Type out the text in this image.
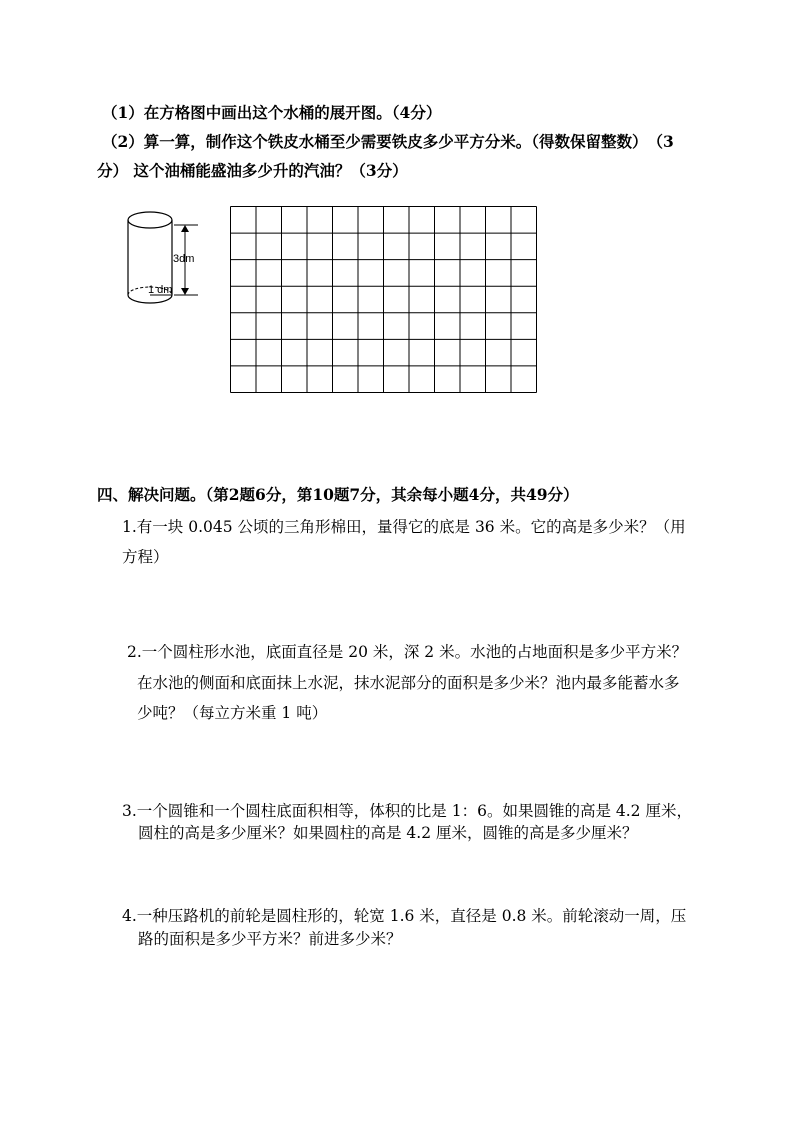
（1）在方格图中画出这个水桶的展开图。（4分）

（2）算一算，制作这个铁皮水桶至少需要铁皮多少平方分米。（得数保留整数）　（3

分） 这个油桶能盛油多少升的汽油？（3分）

3dm
1 dm

四、解决问题。（第2题6分，第10题7分，其余每小题4分，共49分）

1.有一块 0.045 公顷的三角形棉田，量得它的底是 36 米。它的高是多少米？（用

方程）

2.一个圆柱形水池，底面直径是 20 米，深 2 米。水池的占地面积是多少平方米？

在水池的侧面和底面抹上水泥，抹水泥部分的面积是多少米？池内最多能蓄水多

少吨？（每立方米重 1 吨）

3.一个圆锥和一个圆柱底面积相等，体积的比是 1：6。如果圆锥的高是 4.2 厘米，

圆柱的高是多少厘米？如果圆柱的高是 4.2 厘米，圆锥的高是多少厘米？

4.一种压路机的前轮是圆柱形的，轮宽 1.6 米，直径是 0.8 米。前轮滚动一周，压

路的面积是多少平方米？前进多少米？
